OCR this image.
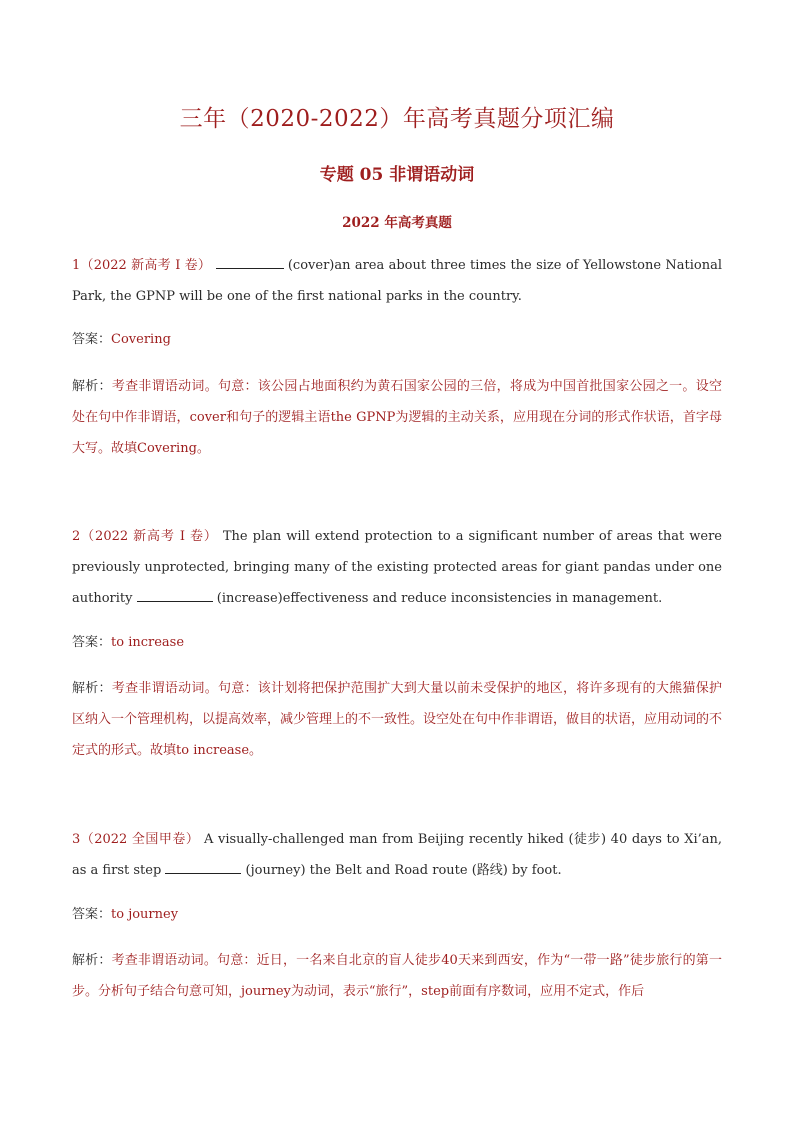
三年（2020-2022）年高考真题分项汇编
专题 05 非谓语动词
2022 年高考真题
1（2022 新高考 I 卷）	(cover)an area about three times the size of Yellowstone National Park, the GPNP will be one of the first national parks in the country.
答案：Covering
解析：考查非谓语动词。句意：该公园占地面积约为黄石国家公园的三倍，将成为中国首批国家公园之一。设空处在句中作非谓语，cover和句子的逻辑主语the GPNP为逻辑的主动关系，应用现在分词的形式作状语，首字母大写。故填Covering。
2（2022 新高考 I 卷） The plan will extend protection to a significant number of areas that were previously unprotected, bringing many of the existing protected areas for giant pandas under one authority	(increase)effectiveness and reduce inconsistencies in management.
答案：to increase
解析：考查非谓语动词。句意：该计划将把保护范围扩大到大量以前未受保护的地区，将许多现有的大熊猫保护区纳入一个管理机构，以提高效率，减少管理上的不一致性。设空处在句中作非谓语，做目的状语，应用动词的不定式的形式。故填to increase。
3（2022 全国甲卷） A visually-challenged man from Beijing recently hiked (徒步) 40 days to Xi’an, as a first step	(journey) the Belt and Road route (路线) by foot.
答案：to journey
解析：考查非谓语动词。句意：近日，一名来自北京的盲人徒步40天来到西安，作为“一带一路”徒步旅行的第一步。分析句子结合句意可知，journey为动词，表示“旅行”，step前面有序数词，应用不定式，作后
